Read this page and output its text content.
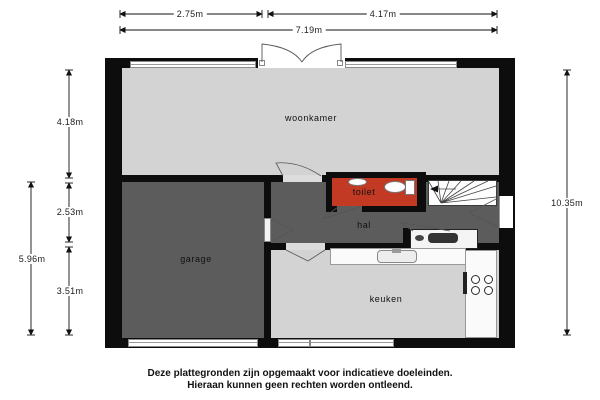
woonkamer
garage
hal
toilet
keuken
2.75m	4.17m
7.19m
4.18m
2.53m
3.51m
5.96m
10.35m
Deze plattegronden zijn opgemaakt voor indicatieve doeleinden.
Hieraan kunnen geen rechten worden ontleend.
